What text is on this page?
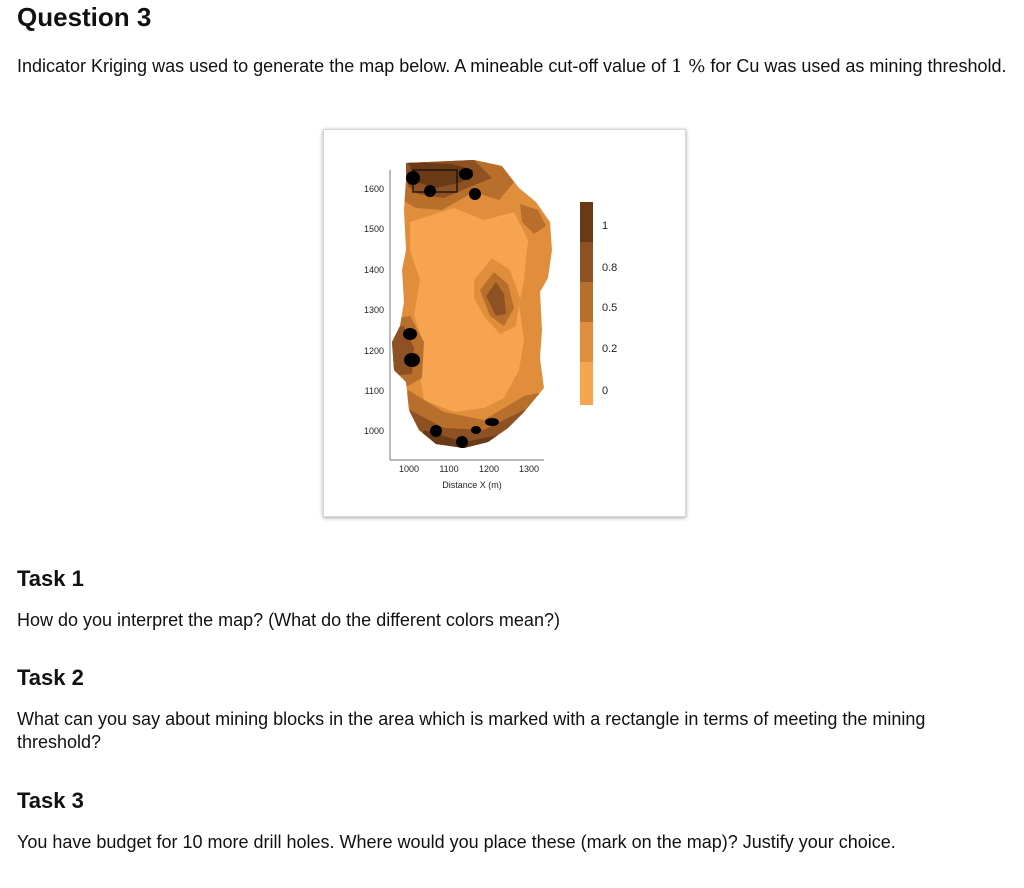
Question 3

Indicator Kriging was used to generate the map below. A mineable cut-off value of 1 % for Cu was used as mining threshold.

1600
1500
1400
1300
1200
1100
1000
1000 1100 1200 1300
Distance X (m)
1
0.8
0.5
0.2
0
Task 1

How do you interpret the map? (What do the different colors mean?)

Task 2

What can you say about mining blocks in the area which is marked with a rectangle in terms of meeting the mining threshold?

Task 3

You have budget for 10 more drill holes. Where would you place these (mark on the map)? Justify your choice.
